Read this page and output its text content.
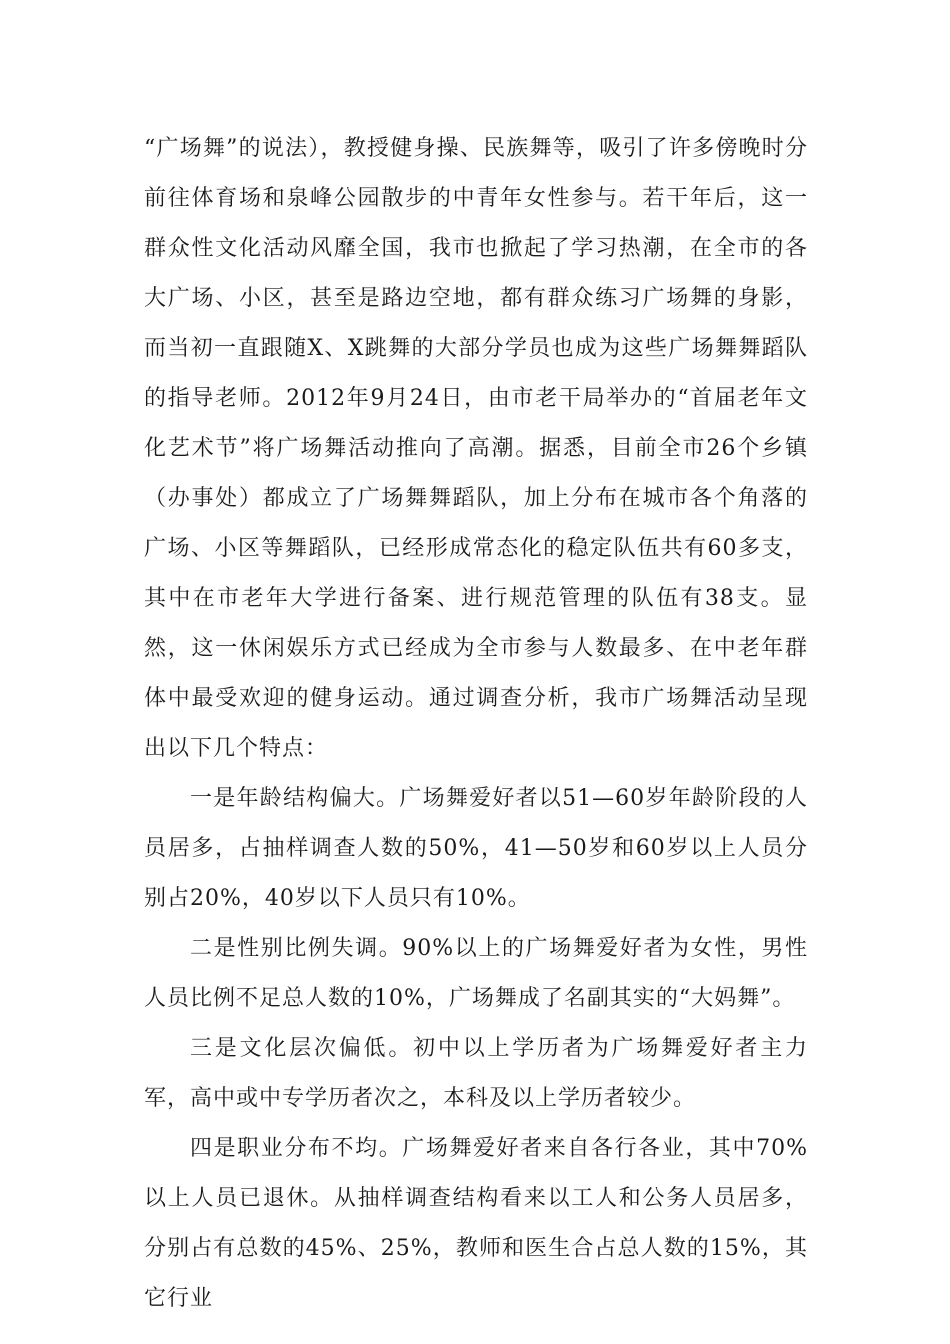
“广场舞”的说法），教授健身操、民族舞等，吸引了许多傍晚时分前往体育场和泉峰公园散步的中青年女性参与。若干年后，这一群众性文化活动风靡全国，我市也掀起了学习热潮，在全市的各大广场、小区，甚至是路边空地，都有群众练习广场舞的身影，而当初一直跟随X、X跳舞的大部分学员也成为这些广场舞舞蹈队的指导老师。2012年9月24日，由市老干局举办的“首届老年文化艺术节”将广场舞活动推向了高潮。据悉，目前全市26个乡镇（办事处）都成立了广场舞舞蹈队，加上分布在城市各个角落的广场、小区等舞蹈队，已经形成常态化的稳定队伍共有60多支，其中在市老年大学进行备案、进行规范管理的队伍有38支。显然，这一休闲娱乐方式已经成为全市参与人数最多、在中老年群体中最受欢迎的健身运动。通过调查分析，我市广场舞活动呈现出以下几个特点：

一是年龄结构偏大。广场舞爱好者以51—60岁年龄阶段的人员居多，占抽样调查人数的50%，41—50岁和60岁以上人员分别占20%，40岁以下人员只有10%。

二是性别比例失调。90%以上的广场舞爱好者为女性，男性人员比例不足总人数的10%，广场舞成了名副其实的“大妈舞”。

三是文化层次偏低。初中以上学历者为广场舞爱好者主力军，高中或中专学历者次之，本科及以上学历者较少。

四是职业分布不均。广场舞爱好者来自各行各业，其中70%以上人员已退休。从抽样调查结构看来以工人和公务人员居多，分别占有总数的45%、25%，教师和医生合占总人数的15%，其它行业
